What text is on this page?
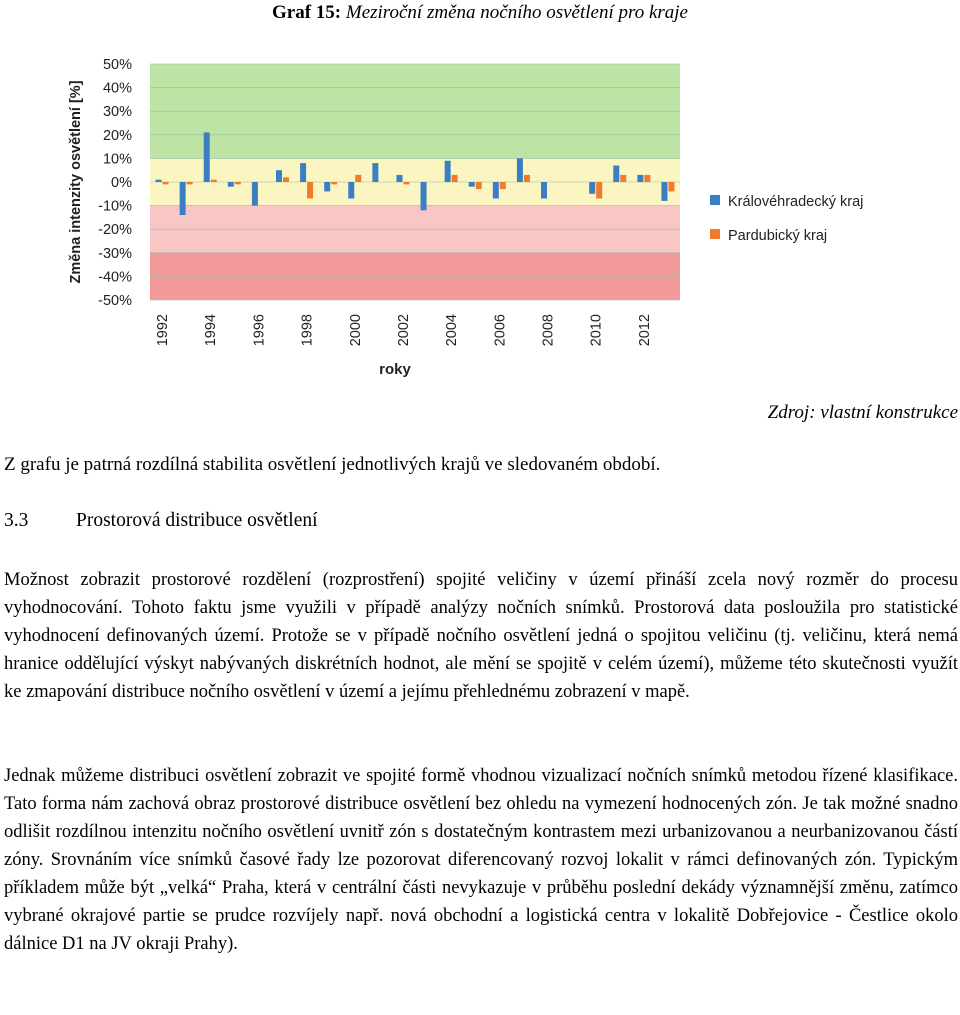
Graf 15: Meziroční změna nočního osvětlení pro kraje
50%
40%
30%
20%
10%
0%
-10%
-20%
-30%
-40%
-50%
Změna intenzity osvětlení [%]
1992 1994 1996 1998 2000 2002 2004 2006 2008 2010 2012
roky
Královéhradecký kraj
Pardubický kraj
Zdroj: vlastní konstrukce
Z grafu je patrná rozdílná stabilita osvětlení jednotlivých krajů ve sledovaném období.
3.3 Prostorová distribuce osvětlení

Možnost zobrazit prostorové rozdělení (rozprostření) spojité veličiny v území přináší zcela nový rozměr do procesu vyhodnocování. Tohoto faktu jsme využili v případě analýzy nočních snímků. Prostorová data posloužila pro statistické vyhodnocení definovaných území. Protože se v případě nočního osvětlení jedná o spojitou veličinu (tj. veličinu, která nemá hranice oddělující výskyt nabývaných diskrétních hodnot, ale mění se spojitě v celém území), můžeme této skutečnosti využít ke zmapování distribuce nočního osvětlení v území a jejímu přehlednému zobrazení v mapě.

Jednak můžeme distribuci osvětlení zobrazit ve spojité formě vhodnou vizualizací nočních snímků metodou řízené klasifikace. Tato forma nám zachová obraz prostorové distribuce osvětlení bez ohledu na vymezení hodnocených zón. Je tak možné snadno odlišit rozdílnou intenzitu nočního osvětlení uvnitř zón s dostatečným kontrastem mezi urbanizovanou a neurbanizovanou částí zóny. Srovnáním více snímků časové řady lze pozorovat diferencovaný rozvoj lokalit v rámci definovaných zón. Typickým příkladem může být „velká“ Praha, která v centrální části nevykazuje v průběhu poslední dekády významnější změnu, zatímco vybrané okrajové partie se prudce rozvíjely např. nová obchodní a logistická centra v lokalitě Dobřejovice - Čestlice okolo dálnice D1 na JV okraji Prahy).
